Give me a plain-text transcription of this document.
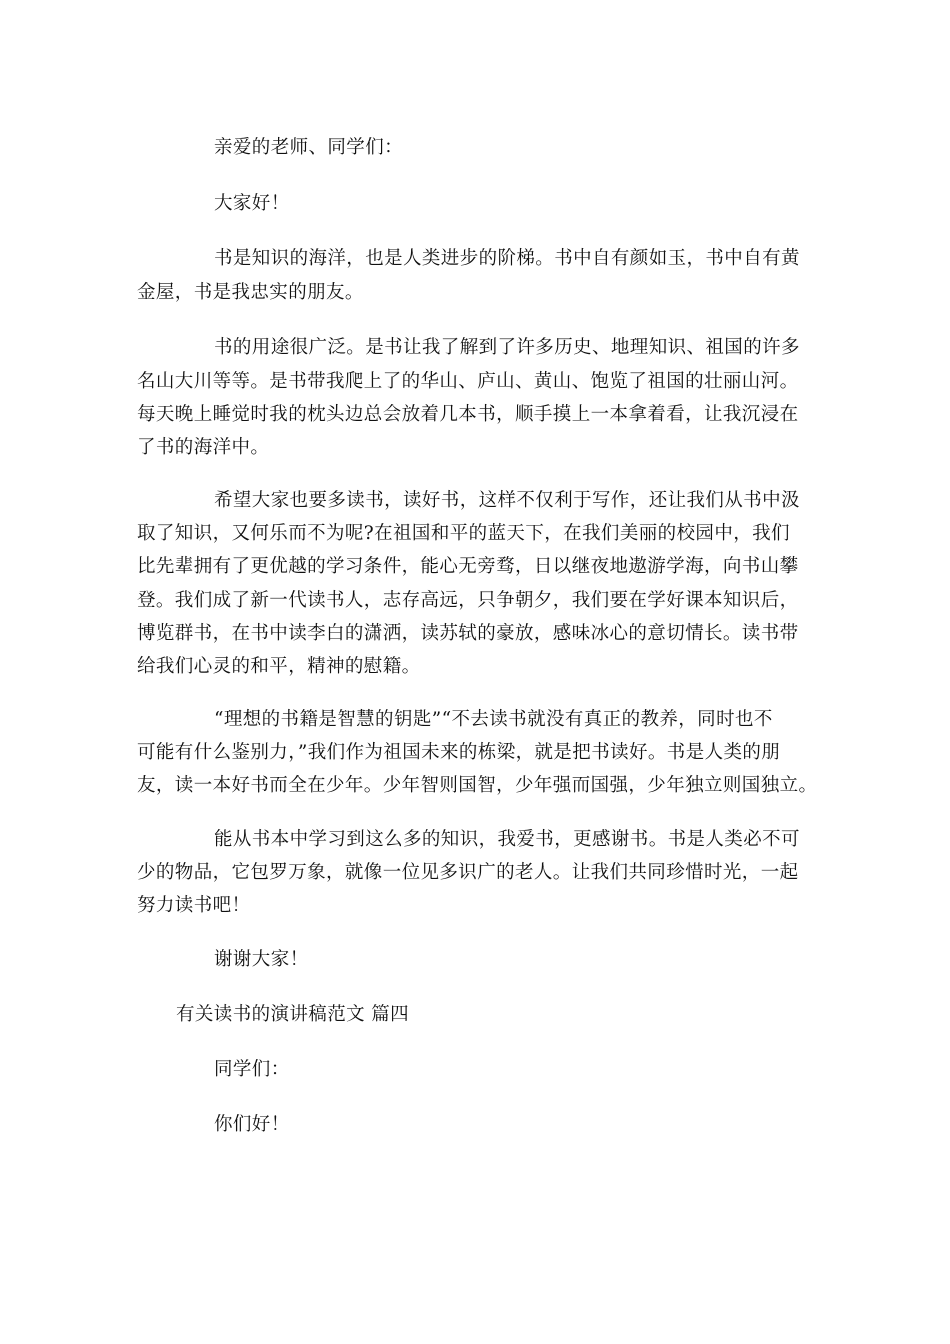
亲爱的老师、同学们：
大家好！
书是知识的海洋，也是人类进步的阶梯。书中自有颜如玉，书中自有黄
金屋，书是我忠实的朋友。
书的用途很广泛。是书让我了解到了许多历史、地理知识、祖国的许多
名山大川等等。是书带我爬上了的华山、庐山、黄山、饱览了祖国的壮丽山河。
每天晚上睡觉时我的枕头边总会放着几本书，顺手摸上一本拿着看，让我沉浸在
了书的海洋中。
希望大家也要多读书，读好书，这样不仅利于写作，还让我们从书中汲
取了知识，又何乐而不为呢?在祖国和平的蓝天下，在我们美丽的校园中，我们
比先辈拥有了更优越的学习条件，能心无旁骛，日以继夜地遨游学海，向书山攀
登。我们成了新一代读书人，志存高远，只争朝夕，我们要在学好课本知识后，
博览群书，在书中读李白的潇洒，读苏轼的豪放，感味冰心的意切情长。读书带
给我们心灵的和平，精神的慰籍。
“理想的书籍是智慧的钥匙”“不去读书就没有真正的教养，同时也不
可能有什么鉴别力，”我们作为祖国未来的栋梁，就是把书读好。书是人类的朋
友，读一本好书而全在少年。少年智则国智，少年强而国强，少年独立则国独立。
能从书本中学习到这么多的知识，我爱书，更感谢书。书是人类必不可
少的物品，它包罗万象，就像一位见多识广的老人。让我们共同珍惜时光，一起
努力读书吧！
谢谢大家！
有关读书的演讲稿范文 篇四
同学们：
你们好！
